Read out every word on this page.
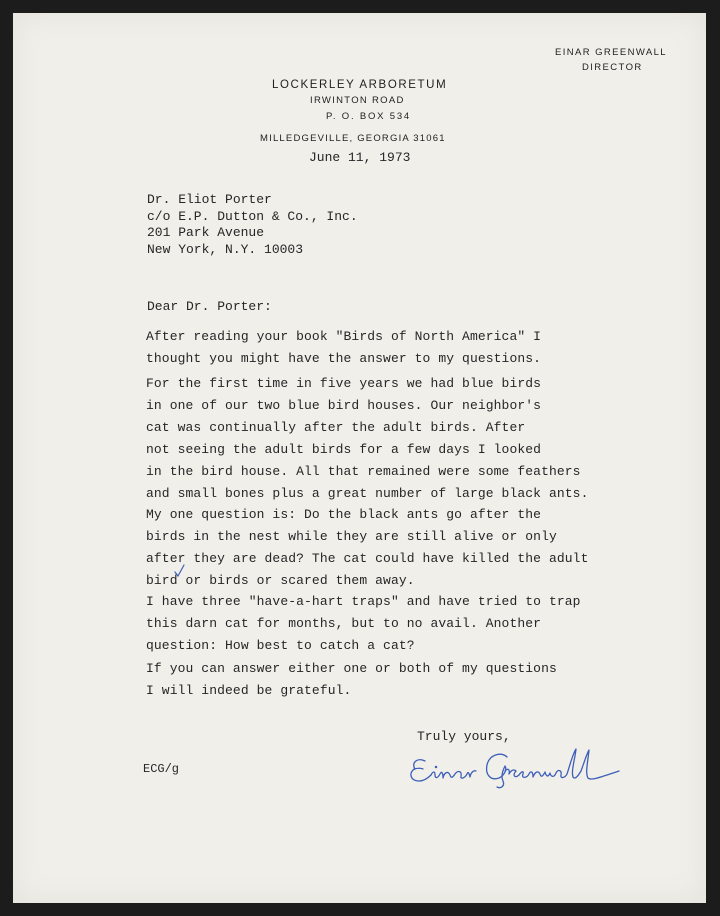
EINAR GREENWALL
DIRECTOR
LOCKERLEY ARBORETUM
IRWINTON ROAD
P. O. BOX 534
MILLEDGEVILLE, GEORGIA 31061
June 11, 1973
Dr. Eliot Porter
c/o E.P. Dutton & Co., Inc.
201 Park Avenue
New York, N.Y. 10003
Dear Dr. Porter:
After reading your book "Birds of North America" I
thought you might have the answer to my questions.
For the first time in five years we had blue birds
in one of our two blue bird houses. Our neighbor's
cat was continually after the adult birds. After
not seeing the adult birds for a few days I looked
in the bird house. All that remained were some feathers
and small bones plus a great number of large black ants.
My one question is: Do the black ants go after the
birds in the nest while they are still alive or only
after they are dead? The cat could have killed the adult
bird or birds or scared them away.
I have three "have-a-hart traps" and have tried to trap
this darn cat for months, but to no avail. Another
question: How best to catch a cat?
If you can answer either one or both of my questions
I will indeed be grateful.
Truly yours,
ECG/g
